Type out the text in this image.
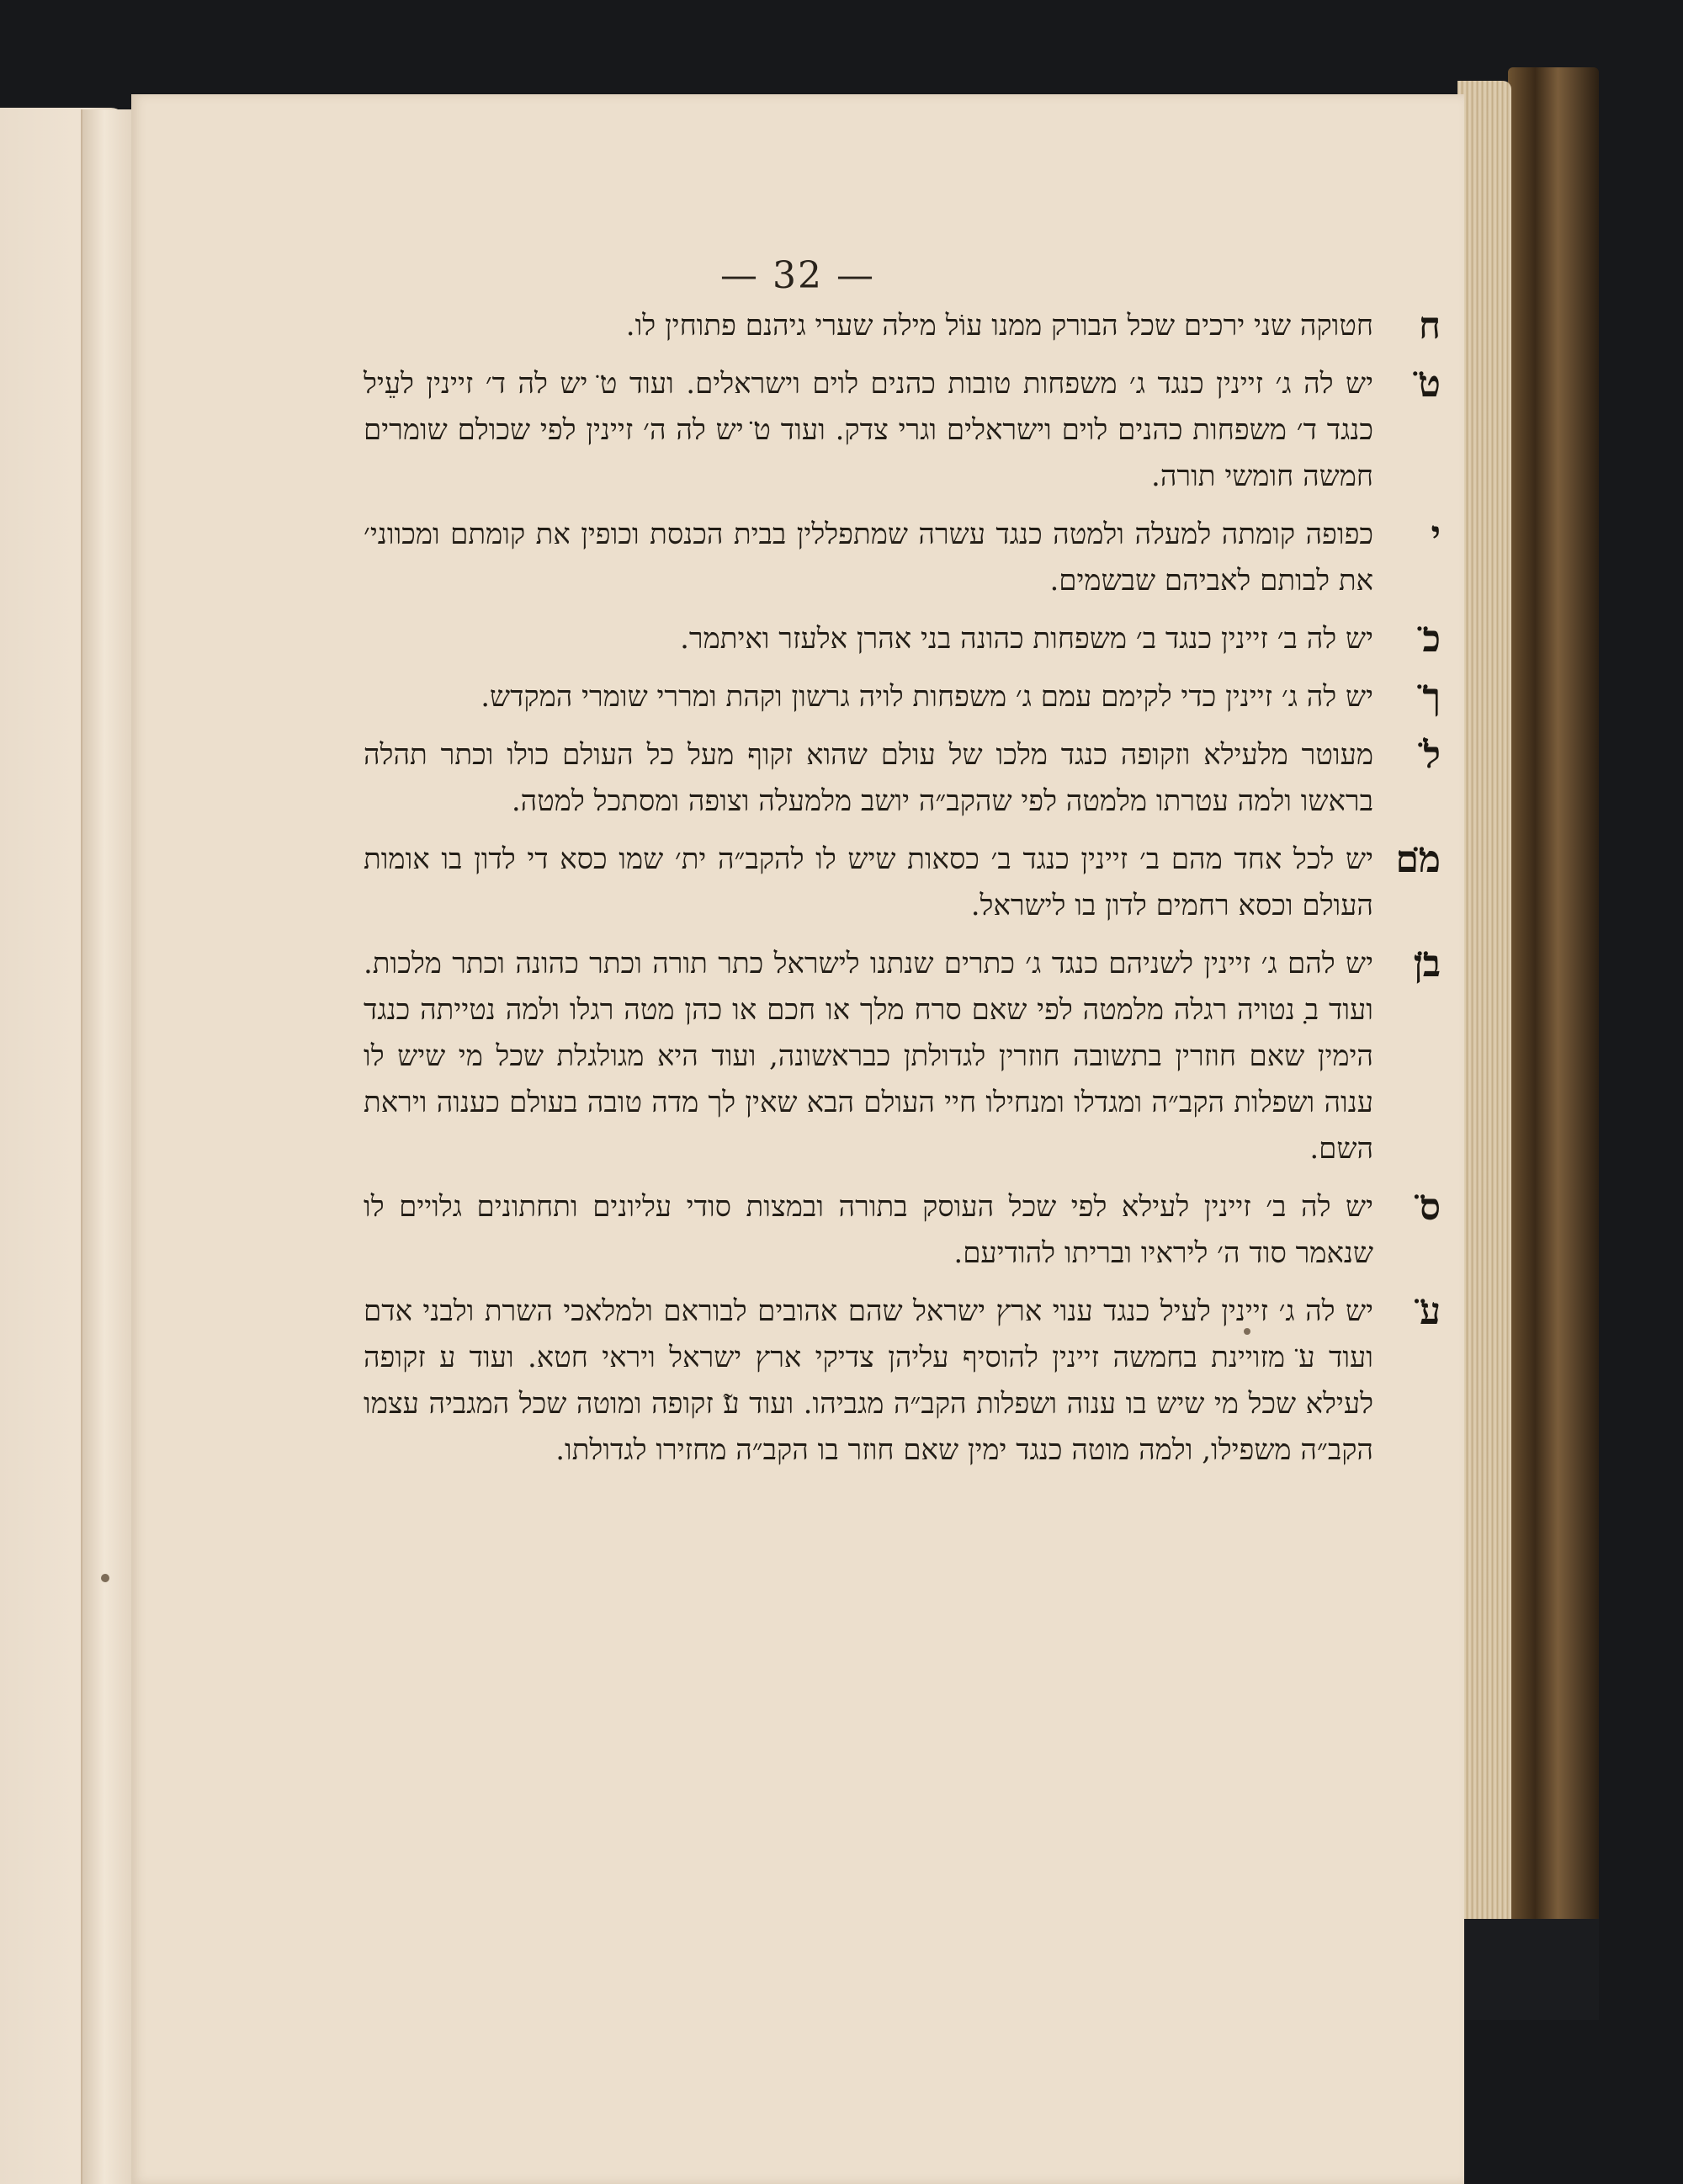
— 32 —
ח
חטוקה שני ירכים שכל הבורק ממנו עוֹל מילה שערי גיהנם פתוחין לו.
ט̈
יש לה ג׳ זיינין כנגד ג׳ משפחות טובות כהנים לוים וישראלים. ועוד ט̈ יש לה ד׳ זיינין לעֵיל כנגד ד׳ משפחות כהנים לוים וישראלים וגרי צדק. ועוד ט̈ יש לה ה׳ זיינין לפי שכולם שומרים חמשה חומשי תורה.
י
כפופה קומתה למעלה ולמטה כנגד עשרה שמתפללין בבית הכנסת וכופין את קומתם ומכווני׳ את לבותם לאביהם שבשמים.
כ̈
יש לה ב׳ זיינין כנגד ב׳ משפחות כהונה בני אהרן אלעזר ואיתמר.
ך̈
יש לה ג׳ זיינין כדי לקימם עמם ג׳ משפחות לויה גרשון וקהת ומררי שומרי המקדש.
ל̈
מעוטר מלעילא וזקופה כנגד מלכו של עולם שהוא זקוף מעל כל העולם כולו וכתר תהלה בראשו ולמה עטרתו מלמטה לפי שהקב״ה יושב מלמעלה וצופה ומסתכל למטה.
מ̈ם
יש לכל אחד מהם ב׳ זיינין כנגד ב׳ כסאות שיש לו להקב״ה ית׳ שמו כסא די לדון בו אומות העולם וכסא רחמים לדון בו לישראל.
ב̈ן
יש להם ג׳ זיינין לשניהם כנגד ג׳ כתרים שנתנו לישראל כתר תורה וכתר כהונה וכתר מלכות. ועוד ב̣ נטויה רגלה מלמטה לפי שאם סרח מלך או חכם או כהן מטה רגלו ולמה נטייתה כנגד הימין שאם חוזרין בתשובה חוזרין לגדולתן כבראשונה, ועוד היא מגולגלת שכל מי שיש לו ענוה ושפלות הקב״ה ומגדלו ומנחילו חיי העולם הבא שאין לך מדה טובה בעולם כענוה ויראת השם.
ס̈
יש לה ב׳ זיינין לעילא לפי שכל העוסק בתורה ובמצות סודי עליונים ותחתונים גלויים לו שנאמר סוד ה׳ ליראיו ובריתו להודיעם.
ע̈
יש לה ג׳ זיינין לעיל כנגד ענוי ארץ ישראל שהם אהובים לבוראם ולמלאכי השרת ולבני אדם ועוד ע̈ מזויינת בחמשה זיינין להוסיף עליהן צדיקי ארץ ישראל ויראי חטא. ועוד ע זקופה לעילא שכל מי שיש בו ענוה ושפלות הקב״ה מגביהו. ועוד ע̃ זקופה ומוטה שכל המגביה עצמו הקב״ה משפילו, ולמה מוטה כנגד ימין שאם חוזר בו הקב״ה מחזירו לגדולתו.
